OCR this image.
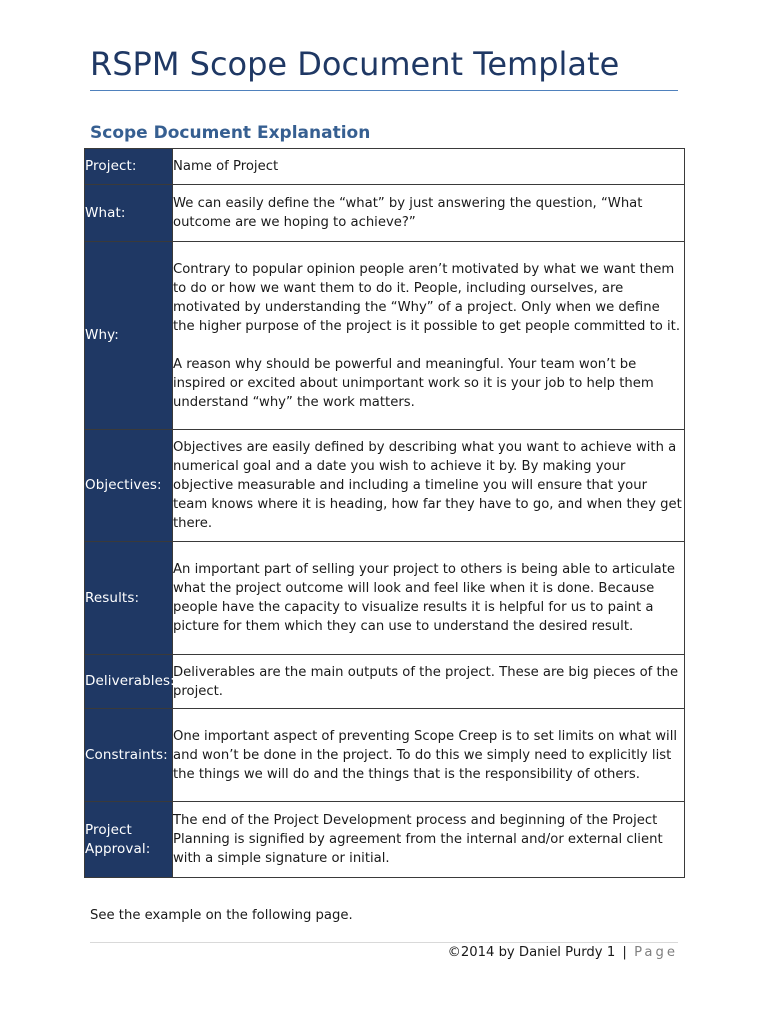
RSPM Scope Document Template
Scope Document Explanation
Project:	Name of Project

What:	We can easily define the “what” by just answering the question, “What outcome are we hoping to achieve?”

Why:	Contrary to popular opinion people aren’t motivated by what we want them to do or how we want them to do it. People, including ourselves, are motivated by understanding the “Why” of a project. Only when we define the higher purpose of the project is it possible to get people committed to it.

A reason why should be powerful and meaningful. Your team won’t be inspired or excited about unimportant work so it is your job to help them understand “why” the work matters.

Objectives:	Objectives are easily defined by describing what you want to achieve with a numerical goal and a date you wish to achieve it by. By making your objective measurable and including a timeline you will ensure that your team knows where it is heading, how far they have to go, and when they get there.

Results:	An important part of selling your project to others is being able to articulate what the project outcome will look and feel like when it is done. Because people have the capacity to visualize results it is helpful for us to paint a picture for them which they can use to understand the desired result.

Deliverables:	Deliverables are the main outputs of the project. These are big pieces of the project.

Constraints:	One important aspect of preventing Scope Creep is to set limits on what will and won’t be done in the project. To do this we simply need to explicitly list the things we will do and the things that is the responsibility of others.

Project Approval:	The end of the Project Development process and beginning of the Project Planning is signified by agreement from the internal and/or external client with a simple signature or initial.

See the example on the following page.

©2014 by Daniel Purdy 1 | Page
